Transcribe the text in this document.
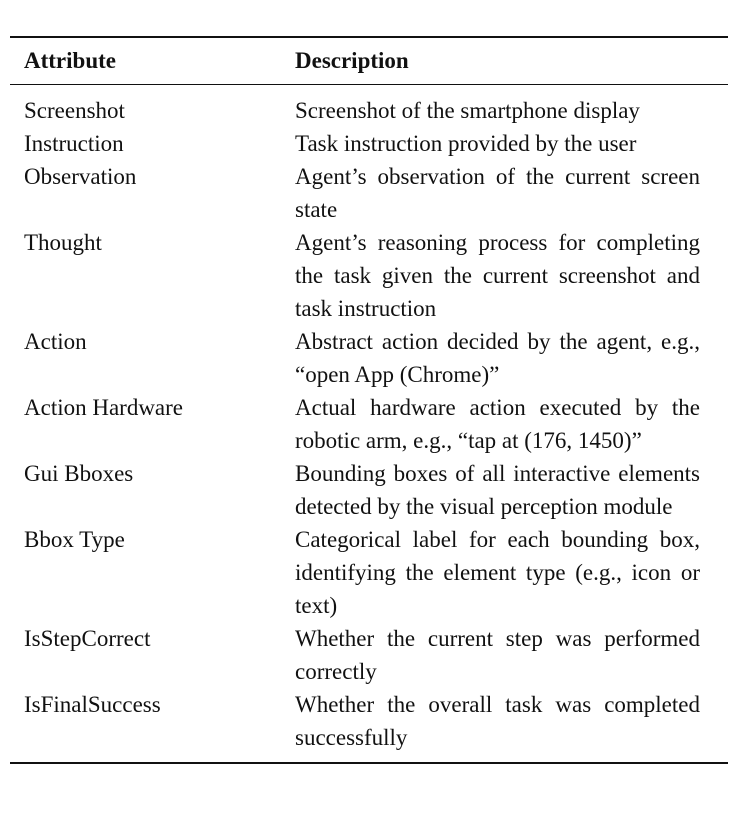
Attribute	Description
Screenshot	Screenshot of the smartphone display
Instruction	Task instruction provided by the user
Observation	Agent’s observation of the current screen state
Thought	Agent’s reasoning process for completing the task given the current screenshot and task instruction
Action	Abstract action decided by the agent, e.g., “open App (Chrome)”
Action Hardware	Actual hardware action executed by the robotic arm, e.g., “tap at (176, 1450)”
Gui Bboxes	Bounding boxes of all interactive elements detected by the visual perception module
Bbox Type	Categorical label for each bounding box, identifying the element type (e.g., icon or text)
IsStepCorrect	Whether the current step was performed correctly
IsFinalSuccess	Whether the overall task was completed successfully
